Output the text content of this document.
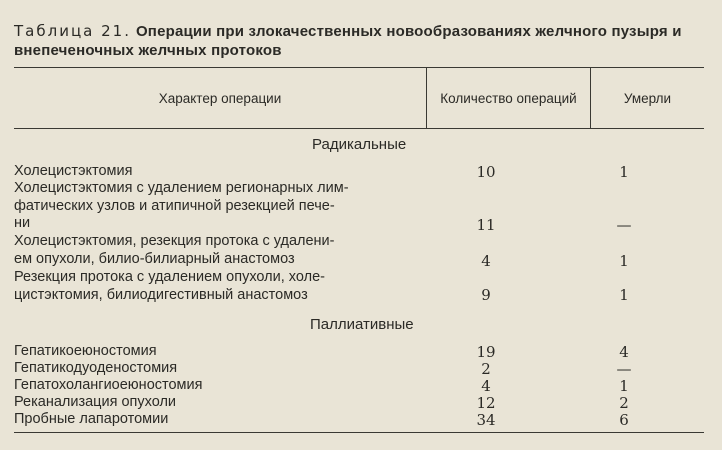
Таблица 21. Операции при злокачественных новообразованиях желчного пузыря и внепеченочных желчных протоков
Характер операции	Количество операций	Умерли
Радикальные
Холецистэктомия	10	1
Холецистэктомия с удалением регионарных лим-
фатических узлов и атипичной резекцией пече-
ни	11	—
Холецистэктомия, резекция протока с удалени-
ем опухоли, билио-билиарный анастомоз	4	1
Резекция протока с удалением опухоли, холе-
цистэктомия, билиодигестивный анастомоз	9	1
Паллиативные
Гепатикоеюностомия	19	4
Гепатикодуоденостомия	2	—
Гепатохолангиоеюностомия	4	1
Реканализация опухоли	12	2
Пробные лапаротомии	34	6
